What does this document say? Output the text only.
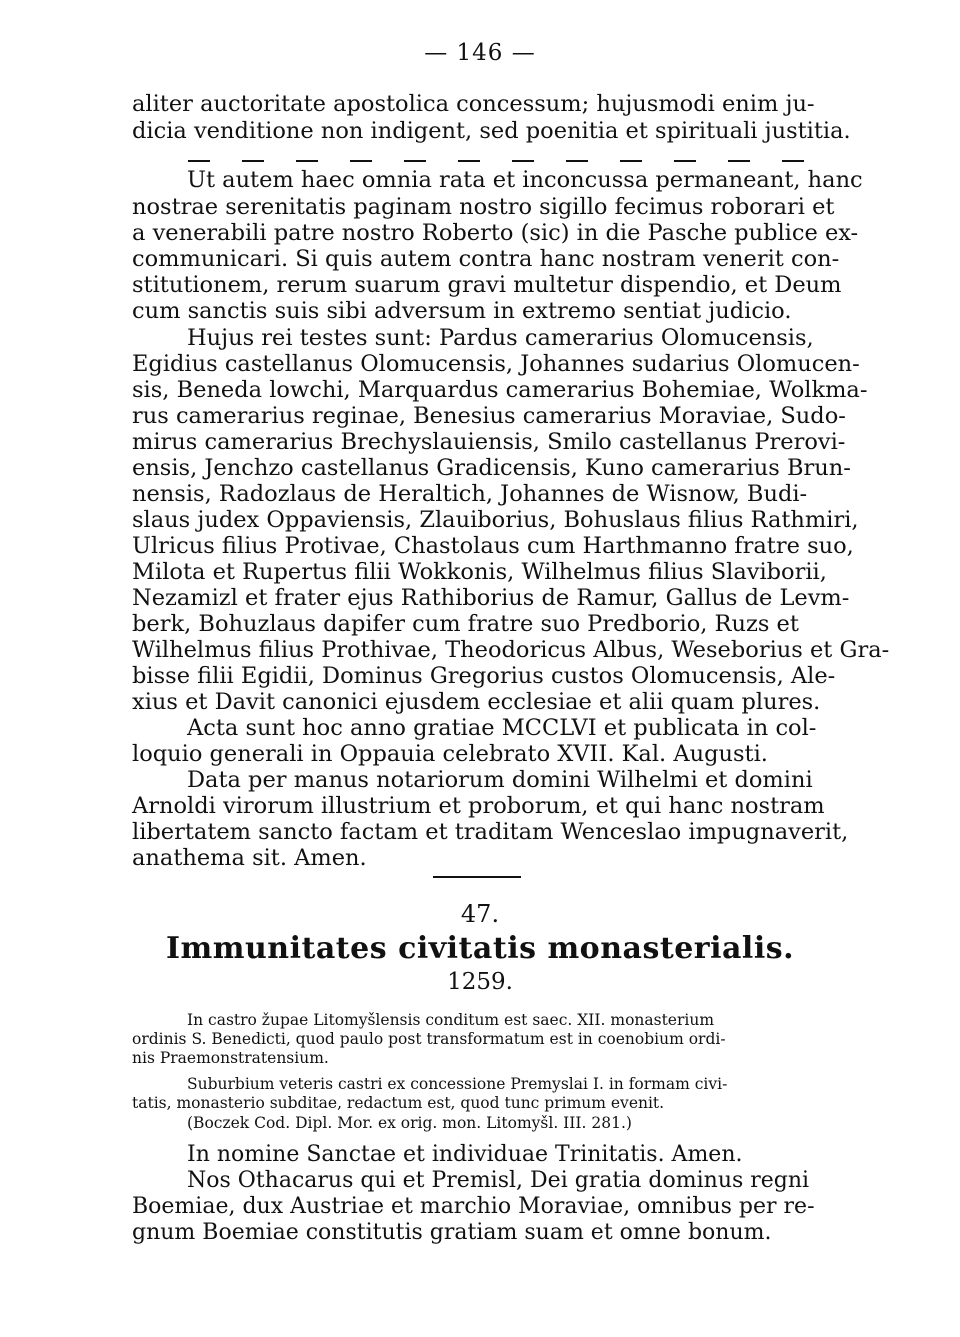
— 146 —
aliter auctoritate apostolica concessum; hujusmodi enim ju-
dicia venditione non indigent, sed poenitia et spirituali justitia.
Ut autem haec omnia rata et inconcussa permaneant, hanc
nostrae serenitatis paginam nostro sigillo fecimus roborari et
a venerabili patre nostro Roberto (sic) in die Pasche publice ex-
communicari. Si quis autem contra hanc nostram venerit con-
stitutionem, rerum suarum gravi multetur dispendio, et Deum
cum sanctis suis sibi adversum in extremo sentiat judicio.
Hujus rei testes sunt: Pardus camerarius Olomucensis,
Egidius castellanus Olomucensis, Johannes sudarius Olomucen-
sis, Beneda lowchi, Marquardus camerarius Bohemiae, Wolkma-
rus camerarius reginae, Benesius camerarius Moraviae, Sudo-
mirus camerarius Brechyslauiensis, Smilo castellanus Prerovi-
ensis, Jenchzo castellanus Gradicensis, Kuno camerarius Brun-
nensis, Radozlaus de Heraltich, Johannes de Wisnow, Budi-
slaus judex Oppaviensis, Zlauiborius, Bohuslaus filius Rathmiri,
Ulricus filius Protivae, Chastolaus cum Harthmanno fratre suo,
Milota et Rupertus filii Wokkonis, Wilhelmus filius Slaviborii,
Nezamizl et frater ejus Rathiborius de Ramur, Gallus de Levm-
berk, Bohuzlaus dapifer cum fratre suo Predborio, Ruzs et
Wilhelmus filius Prothivae, Theodoricus Albus, Weseborius et Gra-
bisse filii Egidii, Dominus Gregorius custos Olomucensis, Ale-
xius et Davit canonici ejusdem ecclesiae et alii quam plures.
Acta sunt hoc anno gratiae MCCLVI et publicata in col-
loquio generali in Oppauia celebrato XVII. Kal. Augusti.
Data per manus notariorum domini Wilhelmi et domini
Arnoldi virorum illustrium et proborum, et qui hanc nostram
libertatem sancto factam et traditam Wenceslao impugnaverit,
anathema sit. Amen.
47.
Immunitates civitatis monasterialis.
1259.
In castro župae Litomyšlensis conditum est saec. XII. monasterium
ordinis S. Benedicti, quod paulo post transformatum est in coenobium ordi-
nis Praemonstratensium.
Suburbium veteris castri ex concessione Premyslai I. in formam civi-
tatis, monasterio subditae, redactum est, quod tunc primum evenit.
(Boczek Cod. Dipl. Mor. ex orig. mon. Litomyšl. III. 281.)
In nomine Sanctae et individuae Trinitatis. Amen.
Nos Othacarus qui et Premisl, Dei gratia dominus regni
Boemiae, dux Austriae et marchio Moraviae, omnibus per re-
gnum Boemiae constitutis gratiam suam et omne bonum.
